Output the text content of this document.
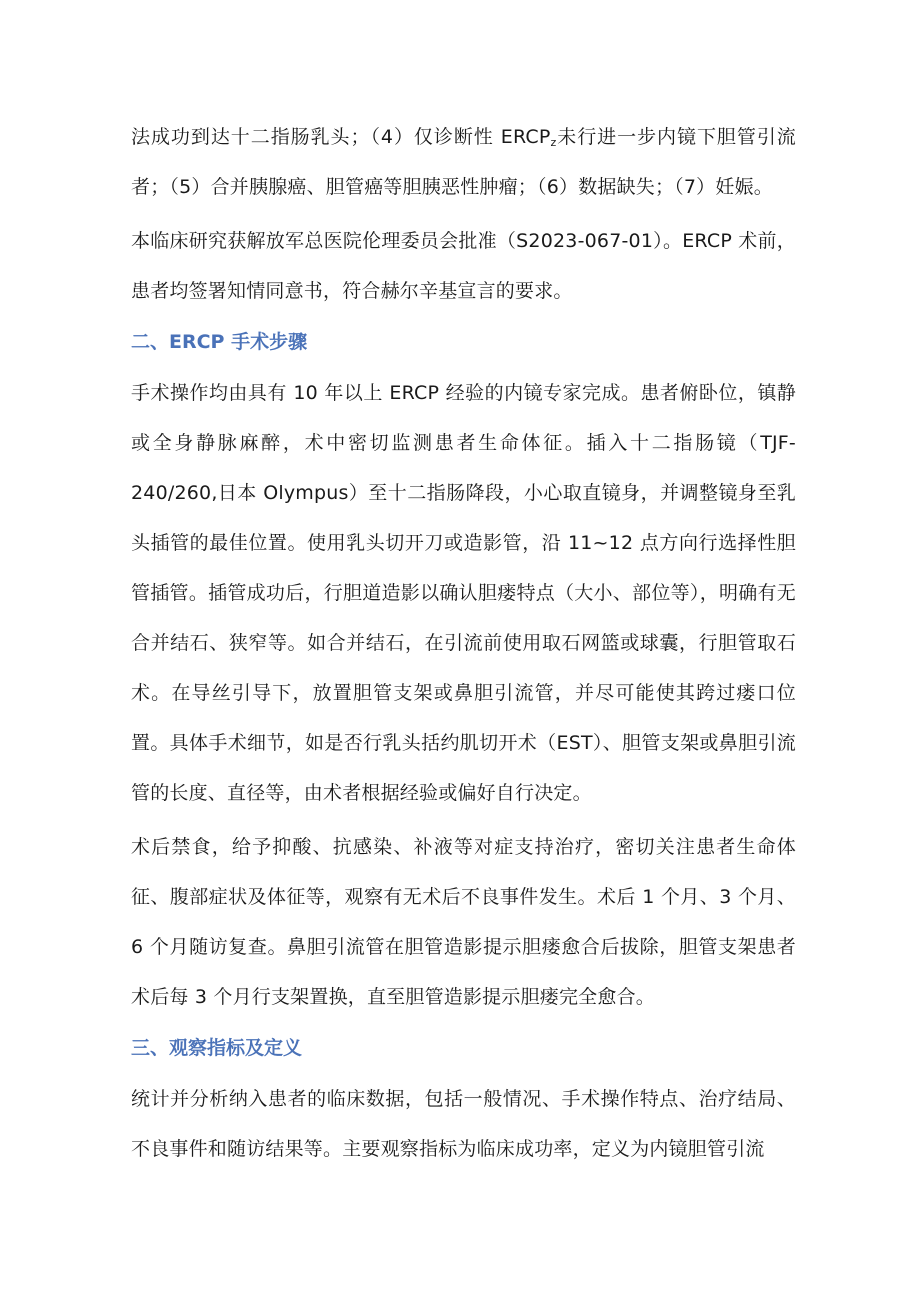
法成功到达十二指肠乳头；（4）仅诊断性 $ERCP_z$未行进一步内镜下胆管引流者；（5）合并胰腺癌、胆管癌等胆胰恶性肿瘤；（6）数据缺失；（7）妊娠。

本临床研究获解放军总医院伦理委员会批准（S2023-067-01）。ERCP 术前，患者均签署知情同意书，符合赫尔辛基宣言的要求。

二、ERCP 手术步骤

手术操作均由具有 10 年以上 ERCP 经验的内镜专家完成。患者俯卧位，镇静或全身静脉麻醉，术中密切监测患者生命体征。插入十二指肠镜（TJF-240/260,日本 Olympus）至十二指肠降段，小心取直镜身，并调整镜身至乳头插管的最佳位置。使用乳头切开刀或造影管，沿 11~12 点方向行选择性胆管插管。插管成功后，行胆道造影以确认胆瘘特点（大小、部位等），明确有无合并结石、狭窄等。如合并结石，在引流前使用取石网篮或球囊，行胆管取石术。在导丝引导下，放置胆管支架或鼻胆引流管，并尽可能使其跨过瘘口位置。具体手术细节，如是否行乳头括约肌切开术（EST）、胆管支架或鼻胆引流管的长度、直径等，由术者根据经验或偏好自行决定。

术后禁食，给予抑酸、抗感染、补液等对症支持治疗，密切关注患者生命体征、腹部症状及体征等，观察有无术后不良事件发生。术后 1 个月、3 个月、6 个月随访复查。鼻胆引流管在胆管造影提示胆瘘愈合后拔除，胆管支架患者术后每 3 个月行支架置换，直至胆管造影提示胆瘘完全愈合。

三、观察指标及定义

统计并分析纳入患者的临床数据，包括一般情况、手术操作特点、治疗结局、不良事件和随访结果等。主要观察指标为临床成功率，定义为内镜胆管引流
